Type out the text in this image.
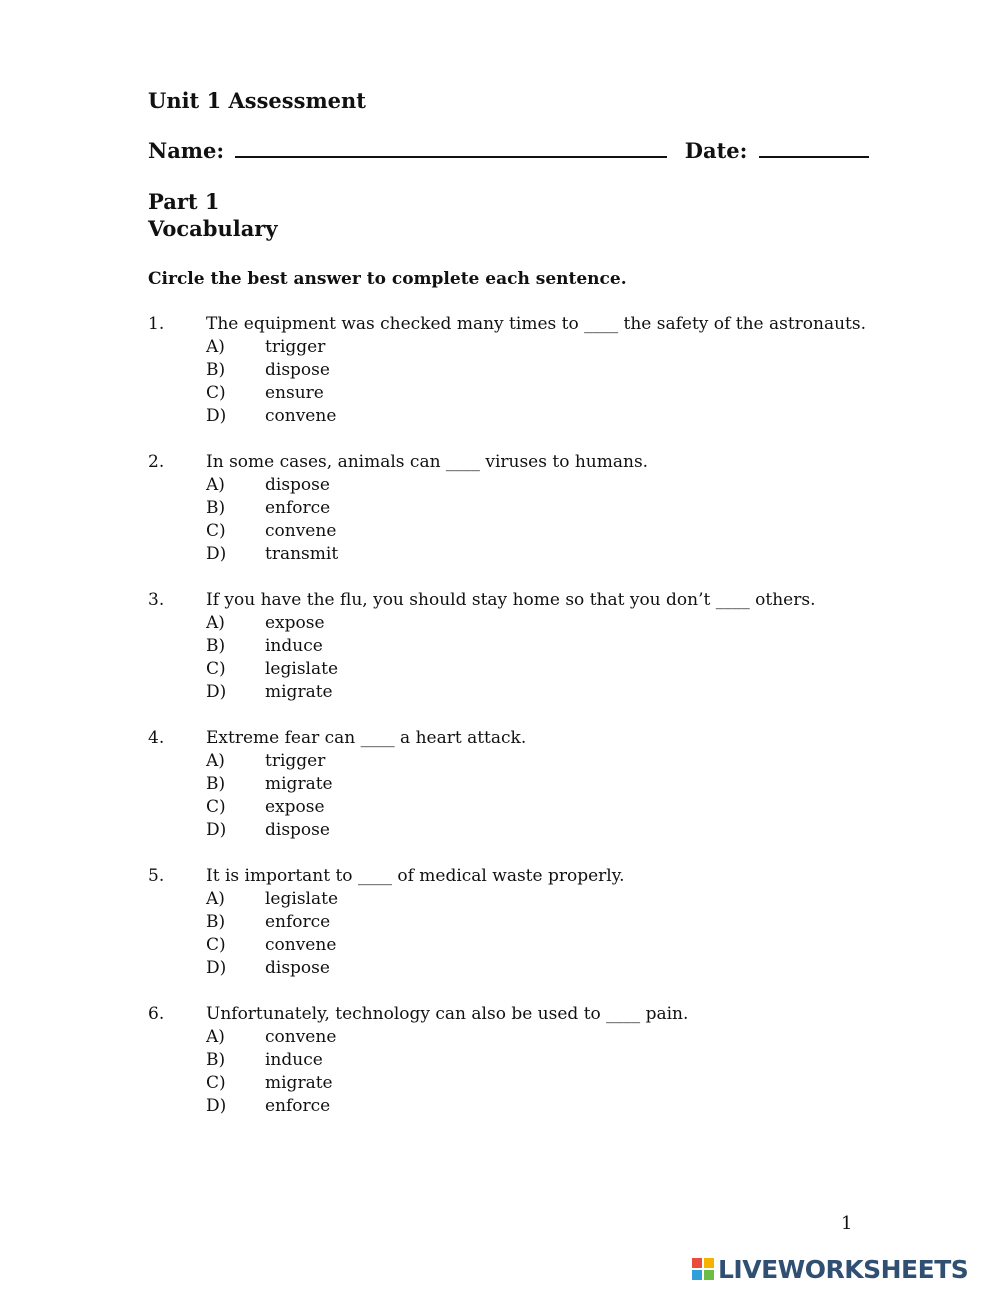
Unit 1 Assessment
Name:	Date:
Part 1
Vocabulary
Circle the best answer to complete each sentence.
1. The equipment was checked many times to ____ the safety of the astronauts.
A) trigger
B) dispose
C) ensure
D) convene
2. In some cases, animals can ____ viruses to humans.
A) dispose
B) enforce
C) convene
D) transmit
3. If you have the flu, you should stay home so that you don’t ____ others.
A) expose
B) induce
C) legislate
D) migrate
4. Extreme fear can ____ a heart attack.
A) trigger
B) migrate
C) expose
D) dispose
5. It is important to ____ of medical waste properly.
A) legislate
B) enforce
C) convene
D) dispose
6. Unfortunately, technology can also be used to ____ pain.
A) convene
B) induce
C) migrate
D) enforce
1
LIVEWORKSHEETS
